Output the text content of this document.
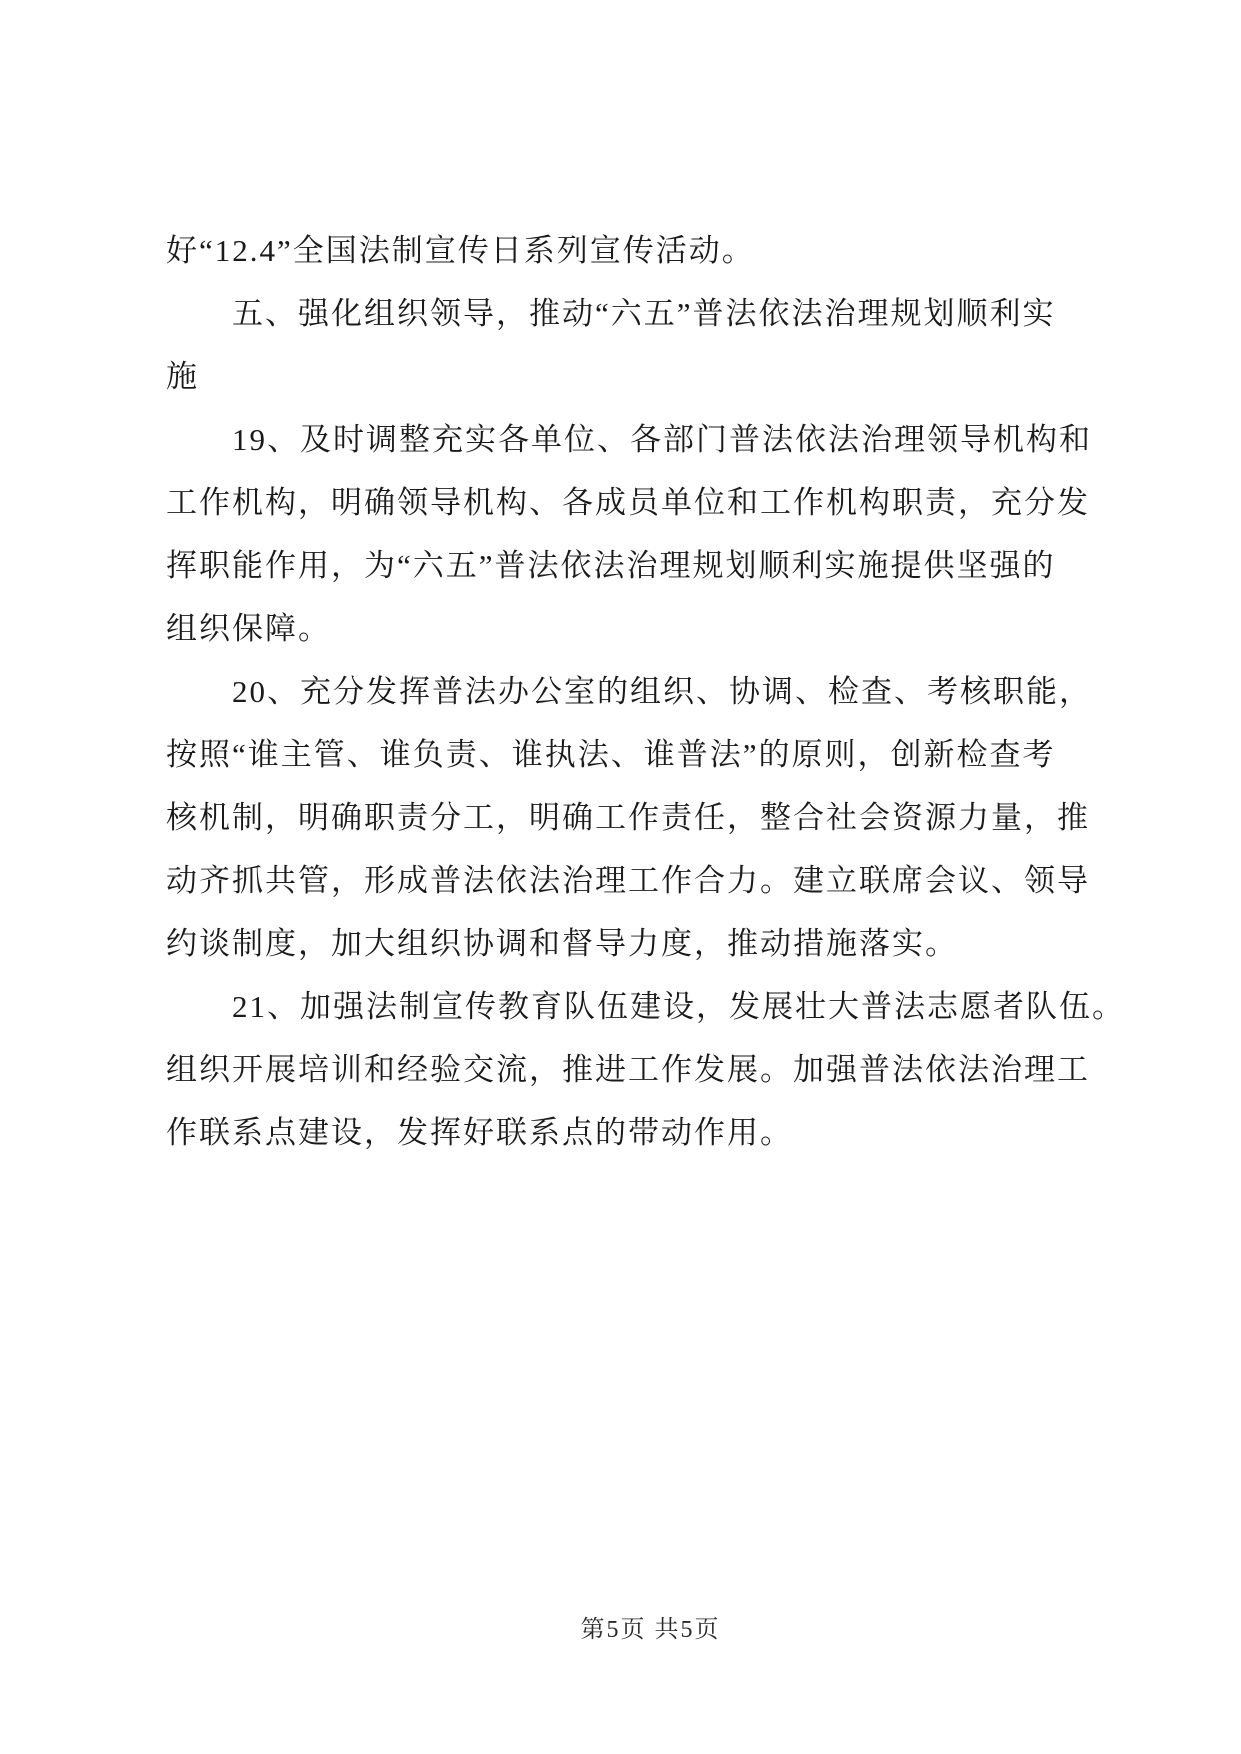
好“12.4”全国法制宣传日系列宣传活动。
五、强化组织领导，推动“六五”普法依法治理规划顺利实
施
19、及时调整充实各单位、各部门普法依法治理领导机构和
工作机构，明确领导机构、各成员单位和工作机构职责，充分发
挥职能作用，为“六五”普法依法治理规划顺利实施提供坚强的
组织保障。
20、充分发挥普法办公室的组织、协调、检查、考核职能，
按照“谁主管、谁负责、谁执法、谁普法”的原则，创新检查考
核机制，明确职责分工，明确工作责任，整合社会资源力量，推
动齐抓共管，形成普法依法治理工作合力。建立联席会议、领导
约谈制度，加大组织协调和督导力度，推动措施落实。
21、加强法制宣传教育队伍建设，发展壮大普法志愿者队伍。
组织开展培训和经验交流，推进工作发展。加强普法依法治理工
作联系点建设，发挥好联系点的带动作用。
第5页 共5页
